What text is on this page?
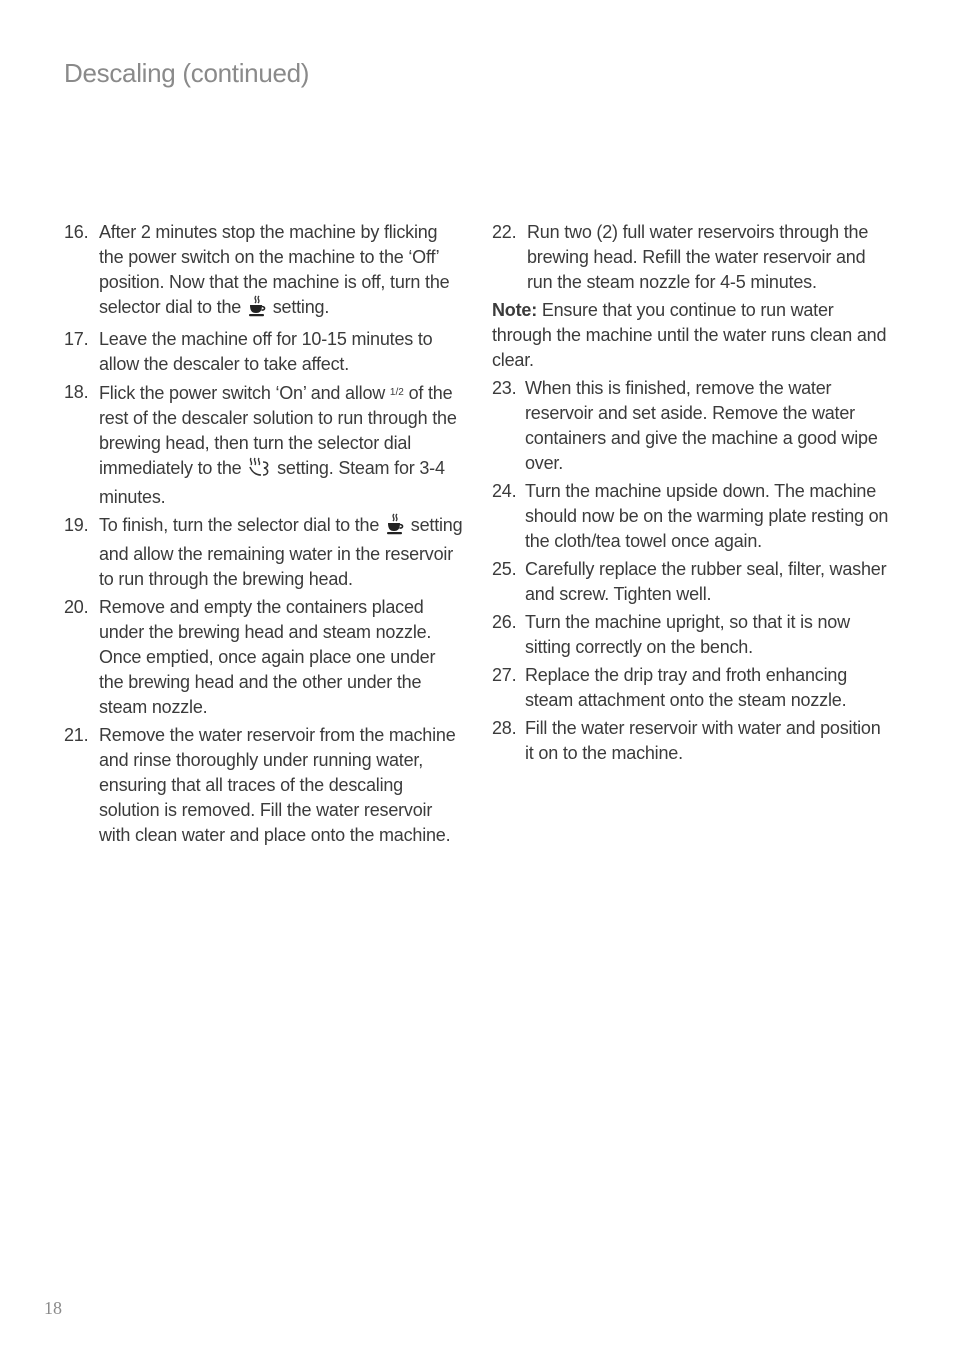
Descaling (continued)
16. After 2 minutes stop the machine by flicking the power switch on the machine to the ‘Off’ position. Now that the machine is off, turn the selector dial to the setting.
17. Leave the machine off for 10-15 minutes to allow the descaler to take affect.
18. Flick the power switch ‘On’ and allow $^{1/2}$ of the rest of the descaler solution to run through the brewing head, then turn the selector dial immediately to the setting. Steam for 3-4 minutes.
19. To finish, turn the selector dial to the setting and allow the remaining water in the reservoir to run through the brewing head.
20. Remove and empty the containers placed under the brewing head and steam nozzle. Once emptied, once again place one under the brewing head and the other under the steam nozzle.
21. Remove the water reservoir from the machine and rinse thoroughly under running water, ensuring that all traces of the descaling solution is removed. Fill the water reservoir with clean water and place onto the machine.
22. Run two (2) full water reservoirs through the brewing head. Refill the water reservoir and run the steam nozzle for 4-5 minutes.
Note: Ensure that you continue to run water through the machine until the water runs clean and clear.
23. When this is finished, remove the water reservoir and set aside. Remove the water containers and give the machine a good wipe over.
24. Turn the machine upside down. The machine should now be on the warming plate resting on the cloth/tea towel once again.
25. Carefully replace the rubber seal, filter, washer and screw. Tighten well.
26. Turn the machine upright, so that it is now sitting correctly on the bench.
27. Replace the drip tray and froth enhancing steam attachment onto the steam nozzle.
28. Fill the water reservoir with water and position it on to the machine.
18
